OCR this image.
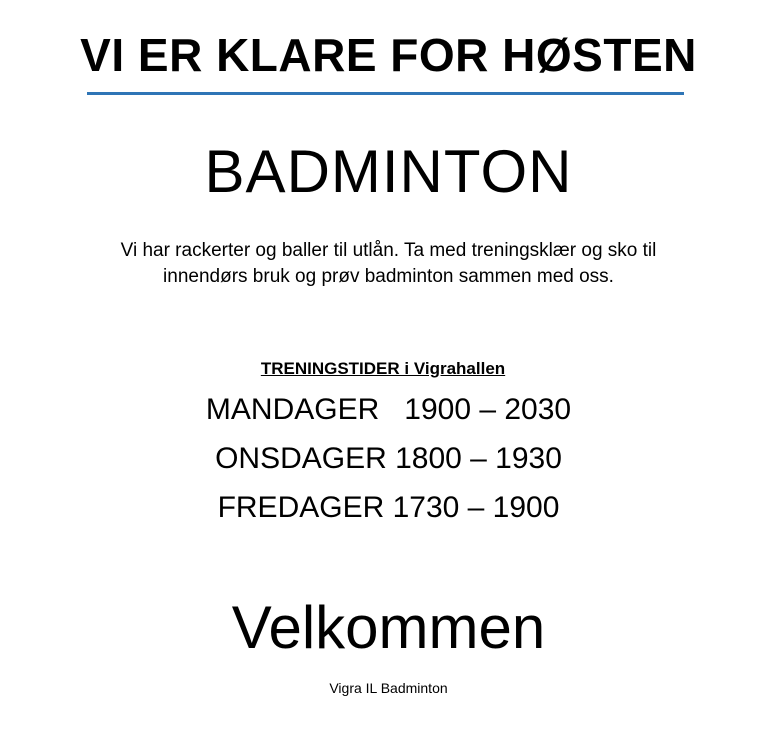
VI ER KLARE FOR HØSTEN
BADMINTON
Vi har rackerter og baller til utlån. Ta med treningsklær og sko til
innendørs bruk og prøv badminton sammen med oss.
TRENINGSTIDER i Vigrahallen
MANDAGER   1900 – 2030
ONSDAGER 1800 – 1930
FREDAGER 1730 – 1900
Velkommen
Vigra IL Badminton
